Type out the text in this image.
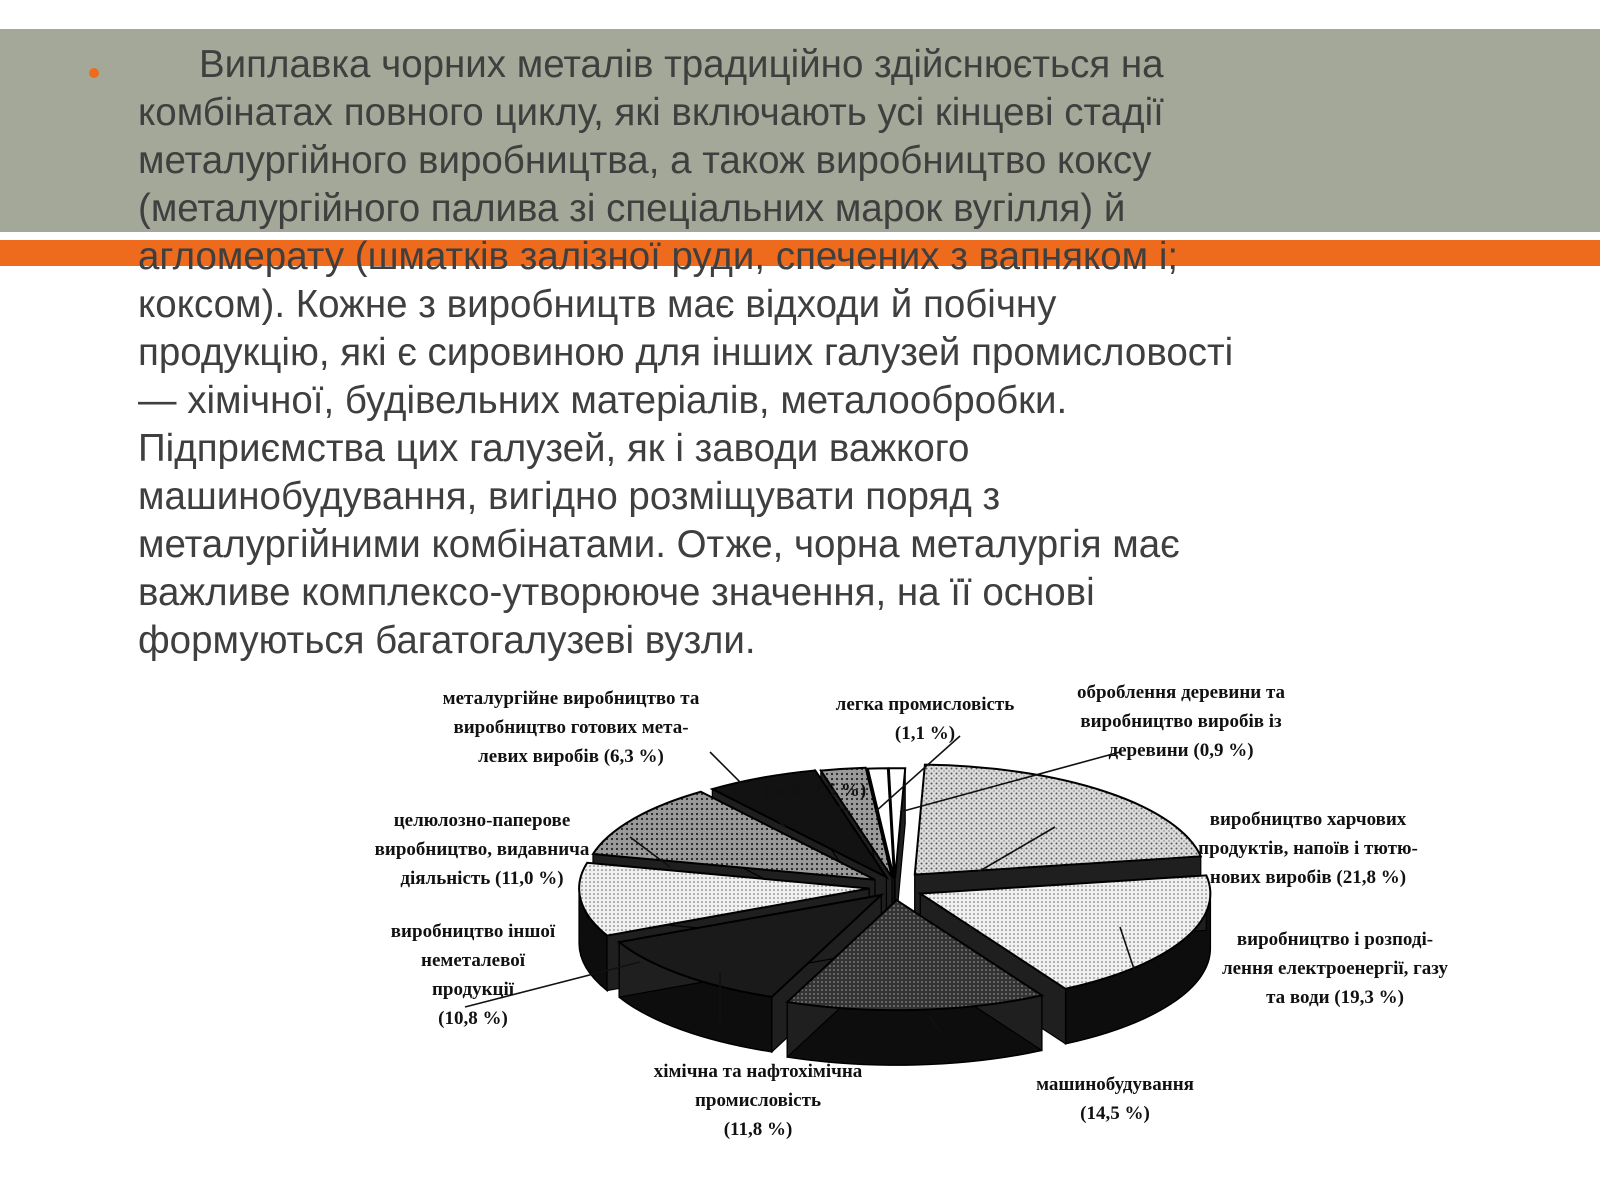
Виплавка чорних металів традиційно здійснюється на
комбінатах повного циклу, які включають усі кінцеві стадії
металургійного виробництва, а також виробництво коксу
(металургійного палива зі спеціальних марок вугілля) й
агломерату (шматків залізної руди, спечених з вапняком і;
коксом). Кожне з виробництв має відходи й побічну
продукцію, які є сировиною для інших галузей промисловості
— хімічної, будівельних матеріалів, металообробки.
Підприємства цих галузей, як і заводи важкого
машинобудування, вигідно розміщувати поряд з
металургійними комбінатами. Отже, чорна металургія має
важливе комплексо-утворююче значення, на її основі
формуються багатогалузеві вузли.

виробництво харчових продуктів, напоїв і тютю-нових виробів (21,8 %)
виробництво і розподі-лення електроенергії, газу та води (19,3 %)
машинобудування (14,5 %)
хімічна та нафтохімічна промисловість (11,8 %)
виробництво іншої неметалевої продукції (10,8 %)
целюлозно-паперове виробництво, видавнича діяльність (11,0 %)
металургійне виробництво та виробництво готових мета-левих виробів (6,3 %)
інші (2,5 %)
легка промисловість (1,1 %)
оброблення деревини та виробництво виробів із деревини (0,9 %)
